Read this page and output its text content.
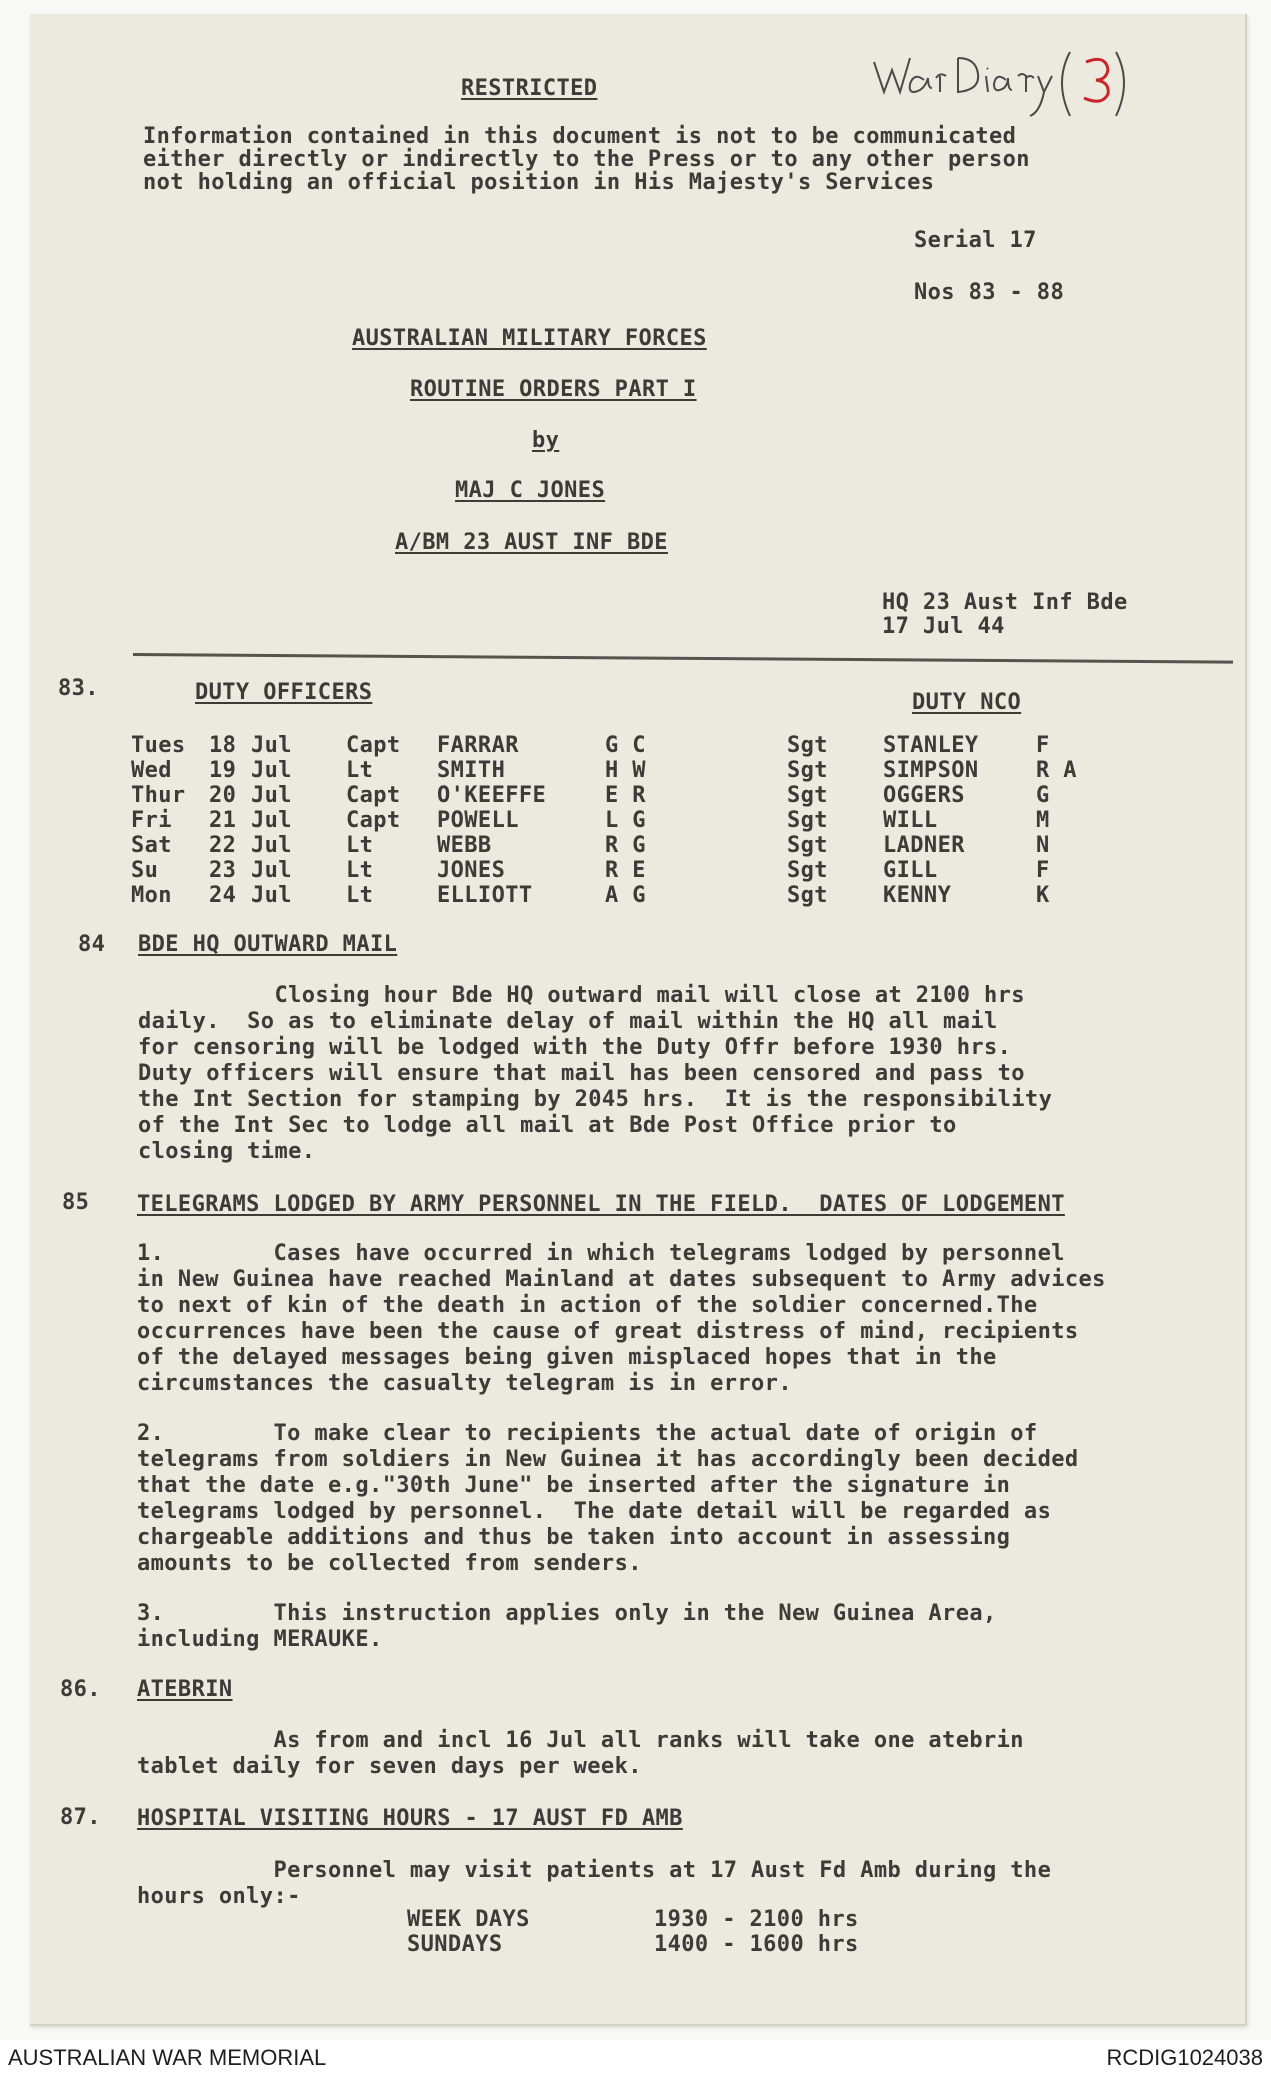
RESTRICTED

Information contained in this document is not to be communicated

either directly or indirectly to the Press or to any other person

not holding an official position in His Majesty's Services

Serial 17
Nos 83 - 88
AUSTRALIAN MILITARY FORCES
ROUTINE ORDERS PART I
by
MAJ C JONES
A/BM 23 AUST INF BDE
HQ 23 Aust Inf Bde
17 Jul 44
83.	DUTY OFFICERS	DUTY NCO
Tues 18 Jul Capt FARRAR	G C	Sgt	STANLEY	F
Wed 19 Jul Lt	SMITH	H W	Sgt	SIMPSON	R A
Thur 20 Jul Capt O'KEEFFE	E R	Sgt	OGGERS	G
Fri 21 Jul Capt POWELL	L G	Sgt	WILL	M
Sat 22 Jul Lt	WEBB	R G	Sgt	LADNER	N
Su 23 Jul Lt	JONES	R E	Sgt	GILL	F
Mon 24 Jul Lt	ELLIOTT	A G	Sgt	KENNY	K
84 BDE HQ OUTWARD MAIL

Closing hour Bde HQ outward mail will close at 2100 hrs

daily.  So as to eliminate delay of mail within the HQ all mail

for censoring will be lodged with the Duty Offr before 1930 hrs.

Duty officers will ensure that mail has been censored and pass to

the Int Section for stamping by 2045 hrs.  It is the responsibility

of the Int Sec to lodge all mail at Bde Post Office prior to

closing time.

85 TELEGRAMS LODGED BY ARMY PERSONNEL IN THE FIELD.  DATES OF LODGEMENT

1.        Cases have occurred in which telegrams lodged by personnel

in New Guinea have reached Mainland at dates subsequent to Army advices

to next of kin of the death in action of the soldier concerned.The

occurrences have been the cause of great distress of mind, recipients

of the delayed messages being given misplaced hopes that in the

circumstances the casualty telegram is in error.

2.        To make clear to recipients the actual date of origin of

telegrams from soldiers in New Guinea it has accordingly been decided

that the date e.g."30th June" be inserted after the signature in

telegrams lodged by personnel.  The date detail will be regarded as

chargeable additions and thus be taken into account in assessing

amounts to be collected from senders.

3.        This instruction applies only in the New Guinea Area,

including MERAUKE.

86. ATEBRIN

As from and incl 16 Jul all ranks will take one atebrin

tablet daily for seven days per week.

87. HOSPITAL VISITING HOURS - 17 AUST FD AMB

Personnel may visit patients at 17 Aust Fd Amb during the

hours only:-

WEEK DAYS	1930 - 2100 hrs
SUNDAYS	1400 - 1600 hrs
AUSTRALIAN WAR MEMORIAL	RCDIG1024038
